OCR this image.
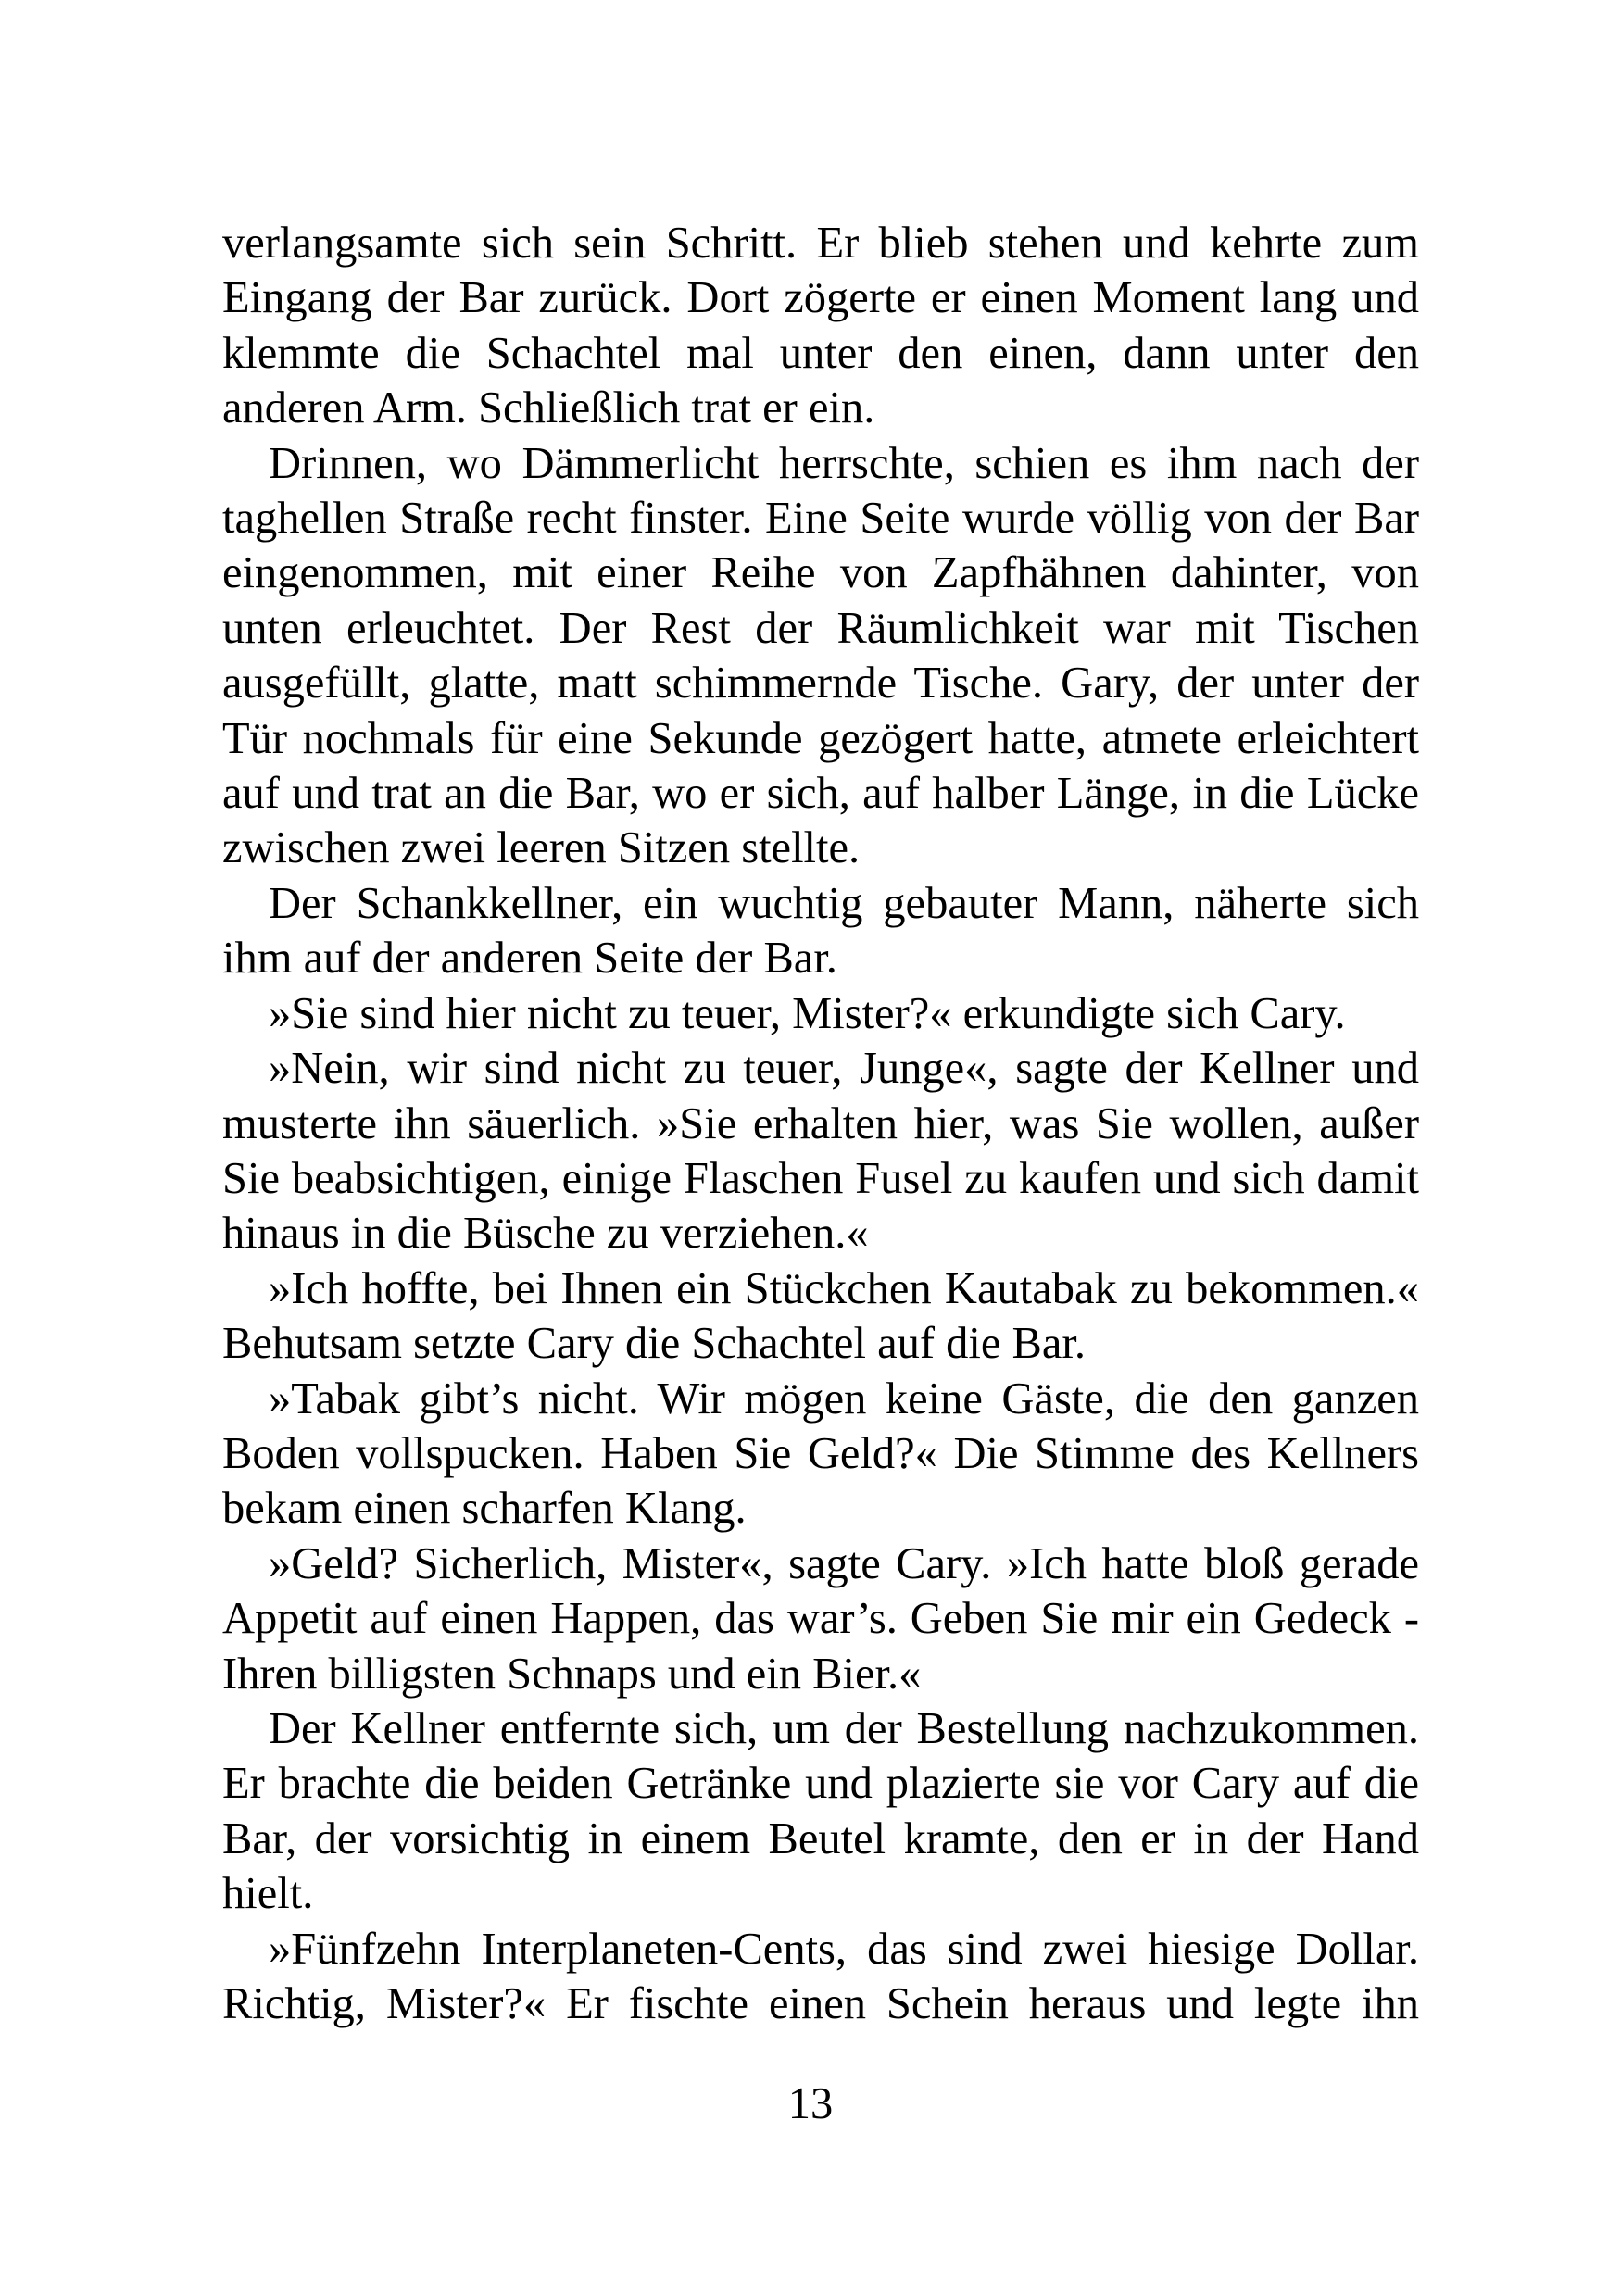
verlangsamte sich sein Schritt. Er blieb stehen und kehrte zum Eingang der Bar zurück. Dort zögerte er einen Moment lang und klemmte die Schachtel mal unter den einen, dann unter den anderen Arm. Schließlich trat er ein.

Drinnen, wo Dämmerlicht herrschte, schien es ihm nach der taghellen Straße recht finster. Eine Seite wurde völlig von der Bar eingenommen, mit einer Reihe von Zapfhähnen dahinter, von unten erleuchtet. Der Rest der Räumlichkeit war mit Tischen ausgefüllt, glatte, matt schimmernde Tische. Gary, der unter der Tür nochmals für eine Sekunde gezögert hatte, atmete erleichtert auf und trat an die Bar, wo er sich, auf halber Länge, in die Lücke zwischen zwei leeren Sitzen stellte.

Der Schankkellner, ein wuchtig gebauter Mann, näherte sich ihm auf der anderen Seite der Bar.

»Sie sind hier nicht zu teuer, Mister?« erkundigte sich Cary.

»Nein, wir sind nicht zu teuer, Junge«, sagte der Kellner und musterte ihn säuerlich. »Sie erhalten hier, was Sie wollen, außer Sie beabsichtigen, einige Flaschen Fusel zu kaufen und sich damit hinaus in die Büsche zu verziehen.«

»Ich hoffte, bei Ihnen ein Stückchen Kautabak zu bekommen.« Behutsam setzte Cary die Schachtel auf die Bar.

»Tabak gibt’s nicht. Wir mögen keine Gäste, die den ganzen Boden vollspucken. Haben Sie Geld?« Die Stimme des Kellners bekam einen scharfen Klang.

»Geld? Sicherlich, Mister«, sagte Cary. »Ich hatte bloß gerade Appetit auf einen Happen, das war’s. Geben Sie mir ein Gedeck - Ihren billigsten Schnaps und ein Bier.«

Der Kellner entfernte sich, um der Bestellung nachzukommen. Er brachte die beiden Getränke und plazierte sie vor Cary auf die Bar, der vorsichtig in einem Beutel kramte, den er in der Hand hielt.

»Fünfzehn Interplaneten-Cents, das sind zwei hiesige Dollar. Richtig, Mister?« Er fischte einen Schein heraus und legte ihn

13
